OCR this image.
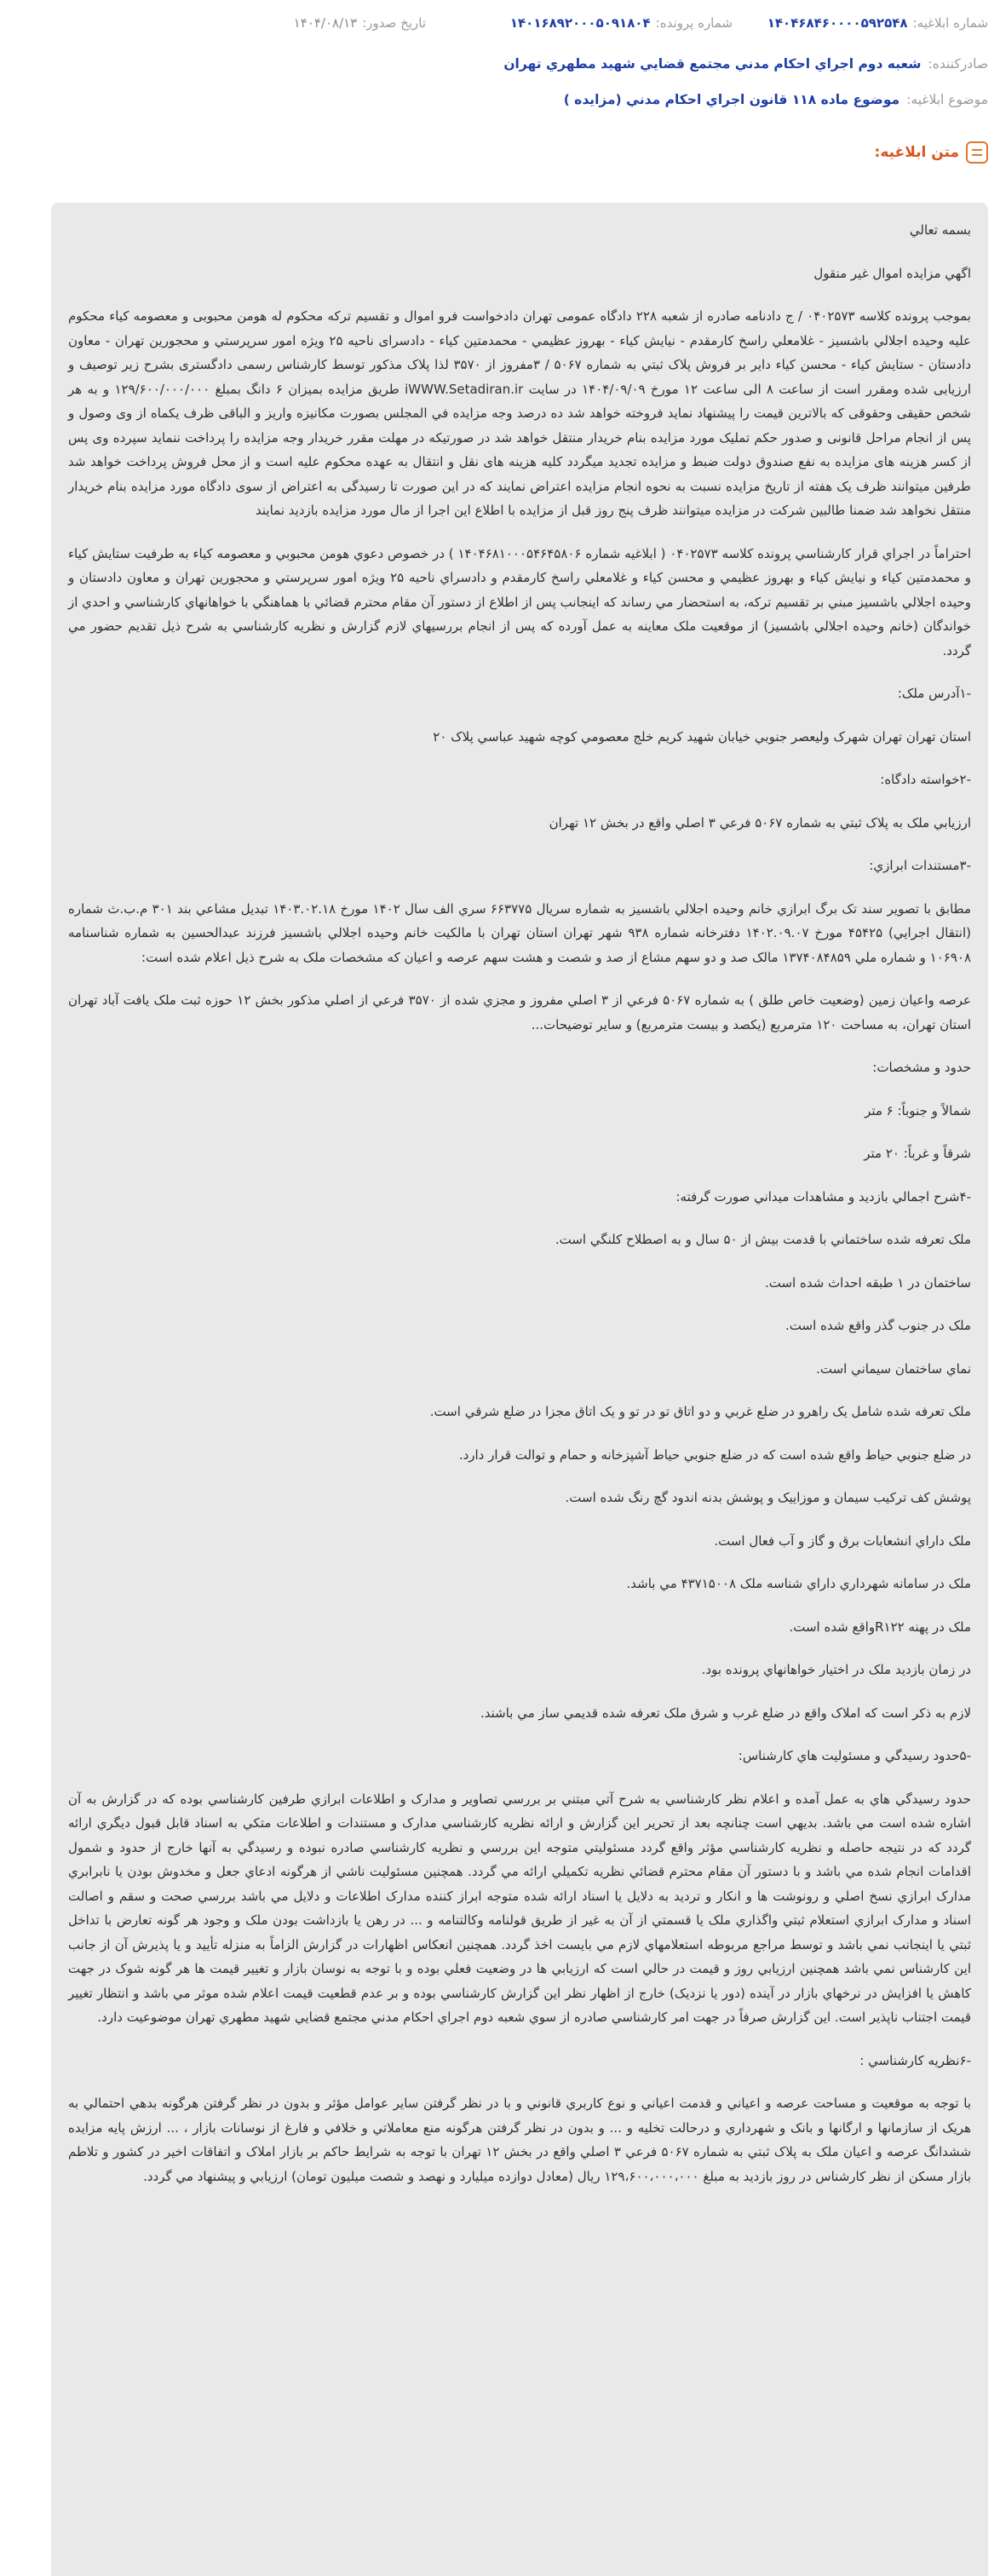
شماره ابلاغیه:
۱۴۰۴۶۸۴۶۰۰۰۰۵۹۲۵۴۸
شماره پرونده:
۱۴۰۱۶۸۹۲۰۰۰۵۰۹۱۸۰۴
تاریخ صدور:
۱۴۰۴/۰۸/۱۳
صادرکننده:
شعبه دوم اجراي احکام مدني مجتمع قضايي شهيد مطهري تهران
موضوع ابلاغیه:
موضوع ماده ۱۱۸ قانون اجراي احکام مدني (مزايده )
متن ابلاغیه:
بسمه تعالي
اگهي مزايده اموال غير منقول
بموجب پرونده کلاسه ۰۴۰۲۵۷۳ / ج دادنامه صادره از شعبه ۲۲۸ دادگاه عمومی تهران دادخواست فرو اموال و تقسيم ترکه محکوم له هومن محبوبی و معصومه کیاء محکوم علیه وحیده اجلالي باشسیز - غلامعلي راسخ کارمقدم - نیایش کیاء - بهروز عظیمي - محمدمتین کیاء - دادسرای ناحیه ۲۵ ویژه امور سرپرستي و محجورين تهران - معاون دادستان - ستایش کیاء - محسن کیاء داير بر فروش پلاک ثبتي به شماره ۵۰۶۷ / ۳مفروز از ۳۵۷۰ لذا پلاک مذکور توسط کارشناس رسمی دادگستری بشرح زیر توصیف و ارزیابی شده ومقرر است از ساعت ۸ الی ساعت ۱۲ مورخ ۱۴۰۴/۰۹/۰۹ در سایت iWWW.Setadiran.ir طریق مزایده بمیزان ۶ دانگ بمبلغ ۱۲۹/۶۰۰/۰۰۰/۰۰۰ و به هر شخص حقیقی وحقوقی که بالاترین قیمت را پیشنهاد نماید فروخته خواهد شد ده درصد وجه مزایده في المجلس بصورت مکانیزه واریز و الباقی ظرف یکماه از وی وصول و پس از انجام مراحل قانونی و صدور حکم تملیک مورد مزایده بنام خریدار منتقل خواهد شد در صورتیکه در مهلت مقرر خریدار وجه مزایده را پرداخت ننماید سپرده وی پس از کسر هزینه های مزایده به نفع صندوق دولت ضبط و مزایده تجدید میگردد کلیه هزینه های نقل و انتقال به عهده محکوم علیه است و از محل فروش پرداخت خواهد شد طرفین میتوانند ظرف یک هفته از تاریخ مزایده نسبت به نحوه انجام مزایده اعتراض نمایند که در این صورت تا رسیدگی به اعتراض از سوی دادگاه مورد مزایده بنام خریدار منتقل نخواهد شد ضمنا طالبین شرکت در مزایده میتوانند ظرف پنج روز قبل از مزایده با اطلاع این اجرا از مال مورد مزایده بازدید نمایند
احتراماً در اجراي قرار کارشناسي پرونده کلاسه ۰۴۰۲۵۷۳ ( ابلاغیه شماره ۱۴۰۴۶۸۱۰۰۰۵۴۶۴۵۸۰۶ ) در خصوص دعوي هومن محبوبي و معصومه کیاء به طرفیت ستایش کیاء و محمدمتین کیاء و نیایش کیاء و بهروز عظیمي و محسن کیاء و غلامعلي راسخ کارمقدم و دادسراي ناحیه ۲۵ ویژه امور سرپرستي و محجورین تهران و معاون دادستان و وحیده اجلالي باشسیز مبني بر تقسیم ترکه، به استحضار مي رساند که اینجانب پس از اطلاع از دستور آن مقام محترم قضائي با هماهنگي با خواهانهاي کارشناسي و احدي از خواندگان (خانم وحیده اجلالي باشسیز) از موقعیت ملک معاینه به عمل آورده که پس از انجام بررسیهاي لازم گزارش و نظریه کارشناسي به شرح ذیل تقدیم حضور مي گردد.
-۱آدرس ملک:
استان تهران تهران شهرک ولیعصر جنوبي خیابان شهید کریم خلج معصومي کوچه شهید عباسي پلاک ۲۰
-۲خواسته دادگاه:
ارزیابي ملک به پلاک ثبتي به شماره ۵۰۶۷ فرعي ۳ اصلي واقع در بخش ۱۲ تهران
-۳مستندات ابرازي:
مطابق با تصویر سند تک برگ ابرازي خانم وحیده اجلالي باشسیز به شماره سریال ۶۶۳۷۷۵ سري الف سال ۱۴۰۲ مورخ ۱۴۰۳.۰۲.۱۸ تبدیل مشاعي بند ۳۰۱ م.ب.ث شماره (انتقال اجرایي) ۴۵۴۲۵ مورخ ۱۴۰۲.۰۹.۰۷ دفترخانه شماره ۹۳۸ شهر تهران استان تهران با مالکیت خانم وحیده اجلالي باشسیز فرزند عبدالحسین به شماره شناسنامه ۱۰۶۹۰۸ و شماره ملي ۱۳۷۴۰۸۴۸۵۹ مالک صد و دو سهم مشاع از صد و شصت و هشت سهم عرصه و اعیان که مشخصات ملک به شرح ذیل اعلام شده است:
عرصه واعیان زمین (وضعیت خاص طلق ) به شماره ۵۰۶۷ فرعي از ۳ اصلي مفروز و مجزي شده از ۳۵۷۰ فرعي از اصلي مذکور بخش ۱۲ حوزه ثبت ملک یافت آباد تهران استان تهران، به مساحت ۱۲۰ مترمربع (یکصد و بیست مترمربع) و سایر توضیحات...
حدود و مشخصات:
شمالاً و جنوباً: ۶ متر
شرقاً و غرباً: ۲۰ متر
-۴شرح اجمالي بازدید و مشاهدات میداني صورت گرفته:
ملک تعرفه شده ساختماني با قدمت بیش از ۵۰ سال و به اصطلاح کلنگي است.
ساختمان در ۱ طبقه احداث شده است.
ملک در جنوب گذر واقع شده است.
نماي ساختمان سیماني است.
ملک تعرفه شده شامل یک راهرو در ضلع غربي و دو اتاق تو در تو و یک اتاق مجزا در ضلع شرقي است.
در ضلع جنوبي حیاط واقع شده است که در ضلع جنوبي حیاط آشپزخانه و حمام و توالت قرار دارد.
پوشش کف ترکیب سیمان و موزاییک و پوشش بدنه اندود گچ رنگ شده است.
ملک داراي انشعابات برق و گاز و آب فعال است.
ملک در سامانه شهرداري داراي شناسه ملک ۴۳۷۱۵۰۰۸ مي باشد.
ملک در پهنه R۱۲۲واقع شده است.
در زمان بازدید ملک در اختیار خواهانهاي پرونده بود.
لازم به ذکر است که املاک واقع در ضلع غرب و شرق ملک تعرفه شده قدیمي ساز مي باشند.
-۵حدود رسیدگي و مسئولیت هاي کارشناس:
حدود رسیدگي هاي به عمل آمده و اعلام نظر کارشناسي به شرح آتي مبتني بر بررسي تصاویر و مدارک و اطلاعات ابرازي طرفین کارشناسي بوده که در گزارش به آن اشاره شده است مي باشد. بدیهي است چنانچه بعد از تحریر این گزارش و ارائه نظریه کارشناسي مدارک و مستندات و اطلاعات متکي به اسناد قابل قبول دیگري ارائه گردد که در نتیجه حاصله و نظریه کارشناسي مؤثر واقع گردد مسئولیتي متوجه این بررسي و نظریه کارشناسي صادره نبوده و رسیدگي به آنها خارج از حدود و شمول اقدامات انجام شده مي باشد و با دستور آن مقام محترم قضائي نظریه تکمیلي ارائه مي گردد. همچنین مسئولیت ناشي از هرگونه ادعاي جعل و مخدوش بودن یا نابرابري مدارک ابرازي نسخ اصلي و رونوشت ها و انکار و تردید به دلایل یا اسناد ارائه شده متوجه ابراز کننده مدارک اطلاعات و دلایل مي باشد بررسي صحت و سقم و اصالت اسناد و مدارک ابرازي استعلام ثبتي واگذاري ملک یا قسمتي از آن به غیر از طریق قولنامه وکالتنامه و ... در رهن یا بازداشت بودن ملک و وجود هر گونه تعارض با تداخل ثبتي یا اینجانب نمي باشد و توسط مراجع مربوطه استعلامهاي لازم مي بایست اخذ گردد. همچنین انعکاس اظهارات در گزارش الزاماً به منزله تأیید و یا پذیرش آن از جانب این کارشناس نمي باشد همچنین ارزیابي روز و قیمت در حالي است که ارزیابي ها در وضعیت فعلي بوده و با توجه به نوسان بازار و تغییر قیمت ها هر گونه شوک در جهت کاهش یا افزایش در نرخهاي بازار در آینده (دور یا نزدیک) خارج از اظهار نظر این گزارش کارشناسي بوده و بر عدم قطعیت قیمت اعلام شده موثر مي باشد و انتظار تغییر قیمت اجتناب ناپذیر است. این گزارش صرفاً در جهت امر کارشناسي صادره از سوي شعبه دوم اجراي احکام مدني مجتمع قضايي شهيد مطهري تهران موضوعیت دارد.
-۶نظریه کارشناسي :
با توجه به موقعیت و مساحت عرصه و اعیاني و قدمت اعیاني و نوع کاربري قانوني و با در نظر گرفتن سایر عوامل مؤثر و بدون در نظر گرفتن هرگونه بدهي احتمالي به هریک از سازمانها و ارگانها و بانک و شهرداري و درحالت تخلیه و ... و بدون در نظر گرفتن هرگونه منع معاملاتي و خلافي و فارغ از نوسانات بازار ، ... ارزش پایه مزایده ششدانگ عرصه و اعیان ملک به پلاک ثبتي به شماره ۵۰۶۷ فرعي ۳ اصلي واقع در بخش ۱۲ تهران با توجه به شرایط حاکم بر بازار املاک و اتفاقات اخیر در کشور و تلاطم بازار مسکن از نظر کارشناس در روز بازدید به مبلغ ۱۲۹،۶۰۰،۰۰۰،۰۰۰ ریال (معادل دوازده میلیارد و نهصد و شصت میلیون تومان) ارزیابي و پیشنهاد مي گردد.
